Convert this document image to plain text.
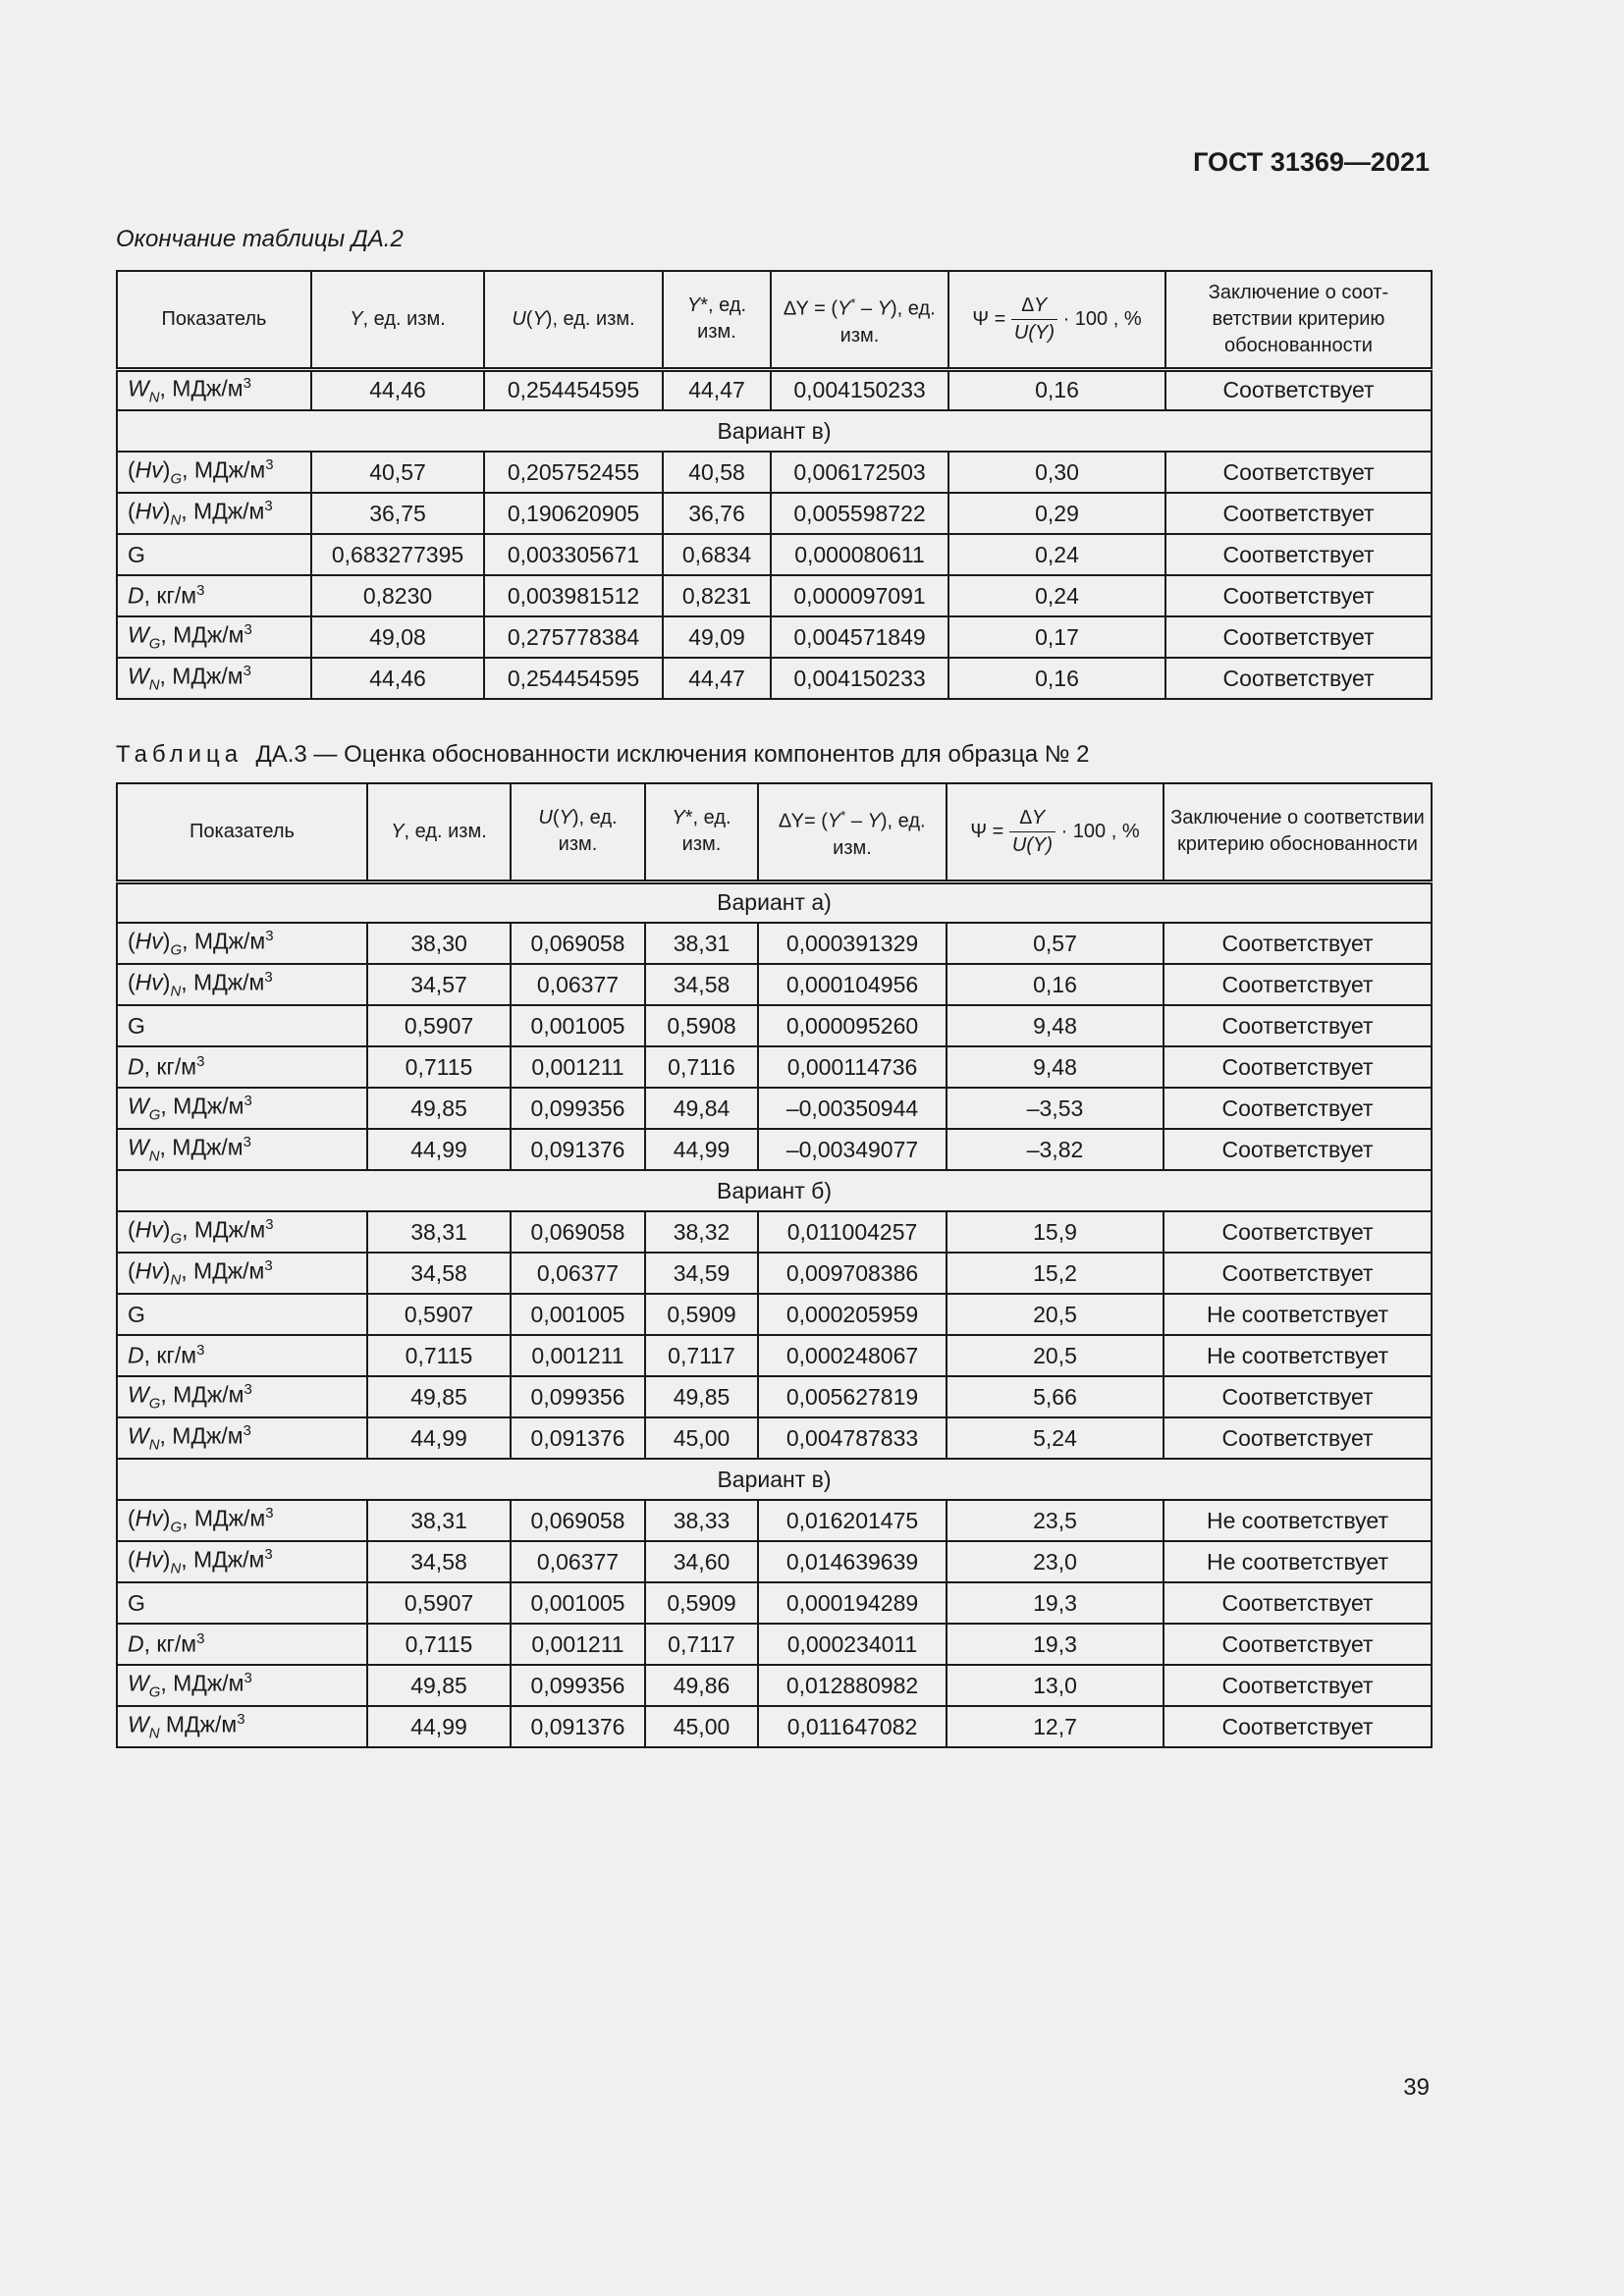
ГОСТ 31369—2021
Окончание таблицы ДА.2
Показатель	Y, ед. изм.	U(Y), ед. изм.	Y*, ед. изм.	∆Y = (Y* – Y), ед. изм.	$\Psi = \frac{\Delta Y}{U(Y)} \cdot 100$ , %	Заключение о соответствии критерию обоснованности
$W_N$, МДж/$м^3$	44,46	0,254454595	44,47	0,004150233	0,16	Соответствует
Вариант в)						
$(Hv)_G$, МДж/$м^3$	40,57	0,205752455	40,58	0,006172503	0,30	Соответствует
$(Hv)_N$, МДж/$м^3$	36,75	0,190620905	36,76	0,005598722	0,29	Соответствует
G	0,683277395	0,003305671	0,6834	0,000080611	0,24	Соответствует
D, $кг/м^3$	0,8230	0,003981512	0,8231	0,000097091	0,24	Соответствует
$W_G$, МДж/$м^3$	49,08	0,275778384	49,09	0,004571849	0,17	Соответствует
$W_N$, МДж/$м^3$	44,46	0,254454595	44,47	0,004150233	0,16	Соответствует
Таблица ДА.3 — Оценка обоснованности исключения компонентов для образца № 2
Показатель	Y, ед. изм.	U(Y), ед. изм.	Y*, ед. изм.	∆Y= (Y* – Y), ед. изм.	$\Psi = \frac{\Delta Y}{U(Y)} \cdot 100$ , %	Заключение о соответствии критерию обоснованности
Вариант а)						
$(Hv)_G$, МДж/$м^3$	38,30	0,069058	38,31	0,000391329	0,57	Соответствует
$(Hv)_N$, МДж/$м^3$	34,57	0,06377	34,58	0,000104956	0,16	Соответствует
G	0,5907	0,001005	0,5908	0,000095260	9,48	Соответствует
D, $кг/м^3$	0,7115	0,001211	0,7116	0,000114736	9,48	Соответствует
$W_G$, МДж/$м^3$	49,85	0,099356	49,84	–0,00350944	–3,53	Соответствует
$W_N$, МДж/$м^3$	44,99	0,091376	44,99	–0,00349077	–3,82	Соответствует
Вариант б)						
$(Hv)_G$, МДж/$м^3$	38,31	0,069058	38,32	0,011004257	15,9	Соответствует
$(Hv)_N$, МДж/$м^3$	34,58	0,06377	34,59	0,009708386	15,2	Соответствует
G	0,5907	0,001005	0,5909	0,000205959	20,5	Не соответствует
D, $кг/м^3$	0,7115	0,001211	0,7117	0,000248067	20,5	Не соответствует
$W_G$, МДж/$м^3$	49,85	0,099356	49,85	0,005627819	5,66	Соответствует
$W_N$, МДж/$м^3$	44,99	0,091376	45,00	0,004787833	5,24	Соответствует
Вариант в)						
$(Hv)_G$, МДж/$м^3$	38,31	0,069058	38,33	0,016201475	23,5	Не соответствует
$(Hv)_N$, МДж/$м^3$	34,58	0,06377	34,60	0,014639639	23,0	Не соответствует
G	0,5907	0,001005	0,5909	0,000194289	19,3	Соответствует
D, $кг/м^3$	0,7115	0,001211	0,7117	0,000234011	19,3	Соответствует
$W_G$, МДж/$м^3$	49,85	0,099356	49,86	0,012880982	13,0	Соответствует
$W_N$ МДж/$м^3$	44,99	0,091376	45,00	0,011647082	12,7	Соответствует
39
